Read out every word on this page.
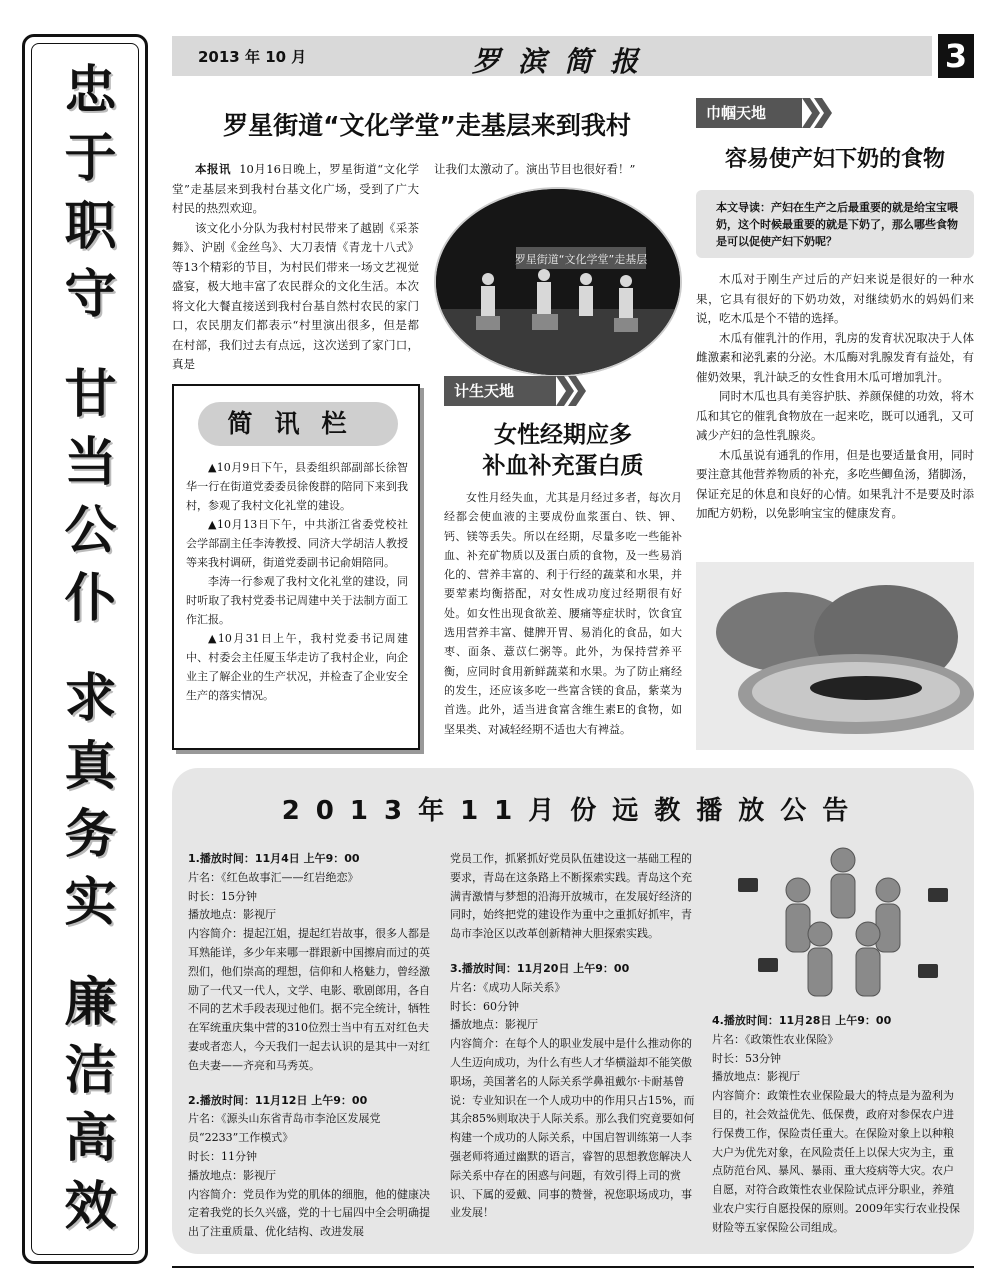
忠于职守
甘当公仆
求真务实
廉洁高效
2013 年 10 月	罗滨简报	3
罗星街道“文化学堂”走基层来到我村

本报讯 10月16日晚上，罗星街道“文化学堂”走基层来到我村台基文化广场，受到了广大村民的热烈欢迎。

该文化小分队为我村村民带来了越剧《采茶舞》、沪剧《金丝鸟》、大刀表情《青龙十八式》等13个精彩的节目，为村民们带来一场文艺视觉盛宴，极大地丰富了农民群众的文化生活。本次将文化大餐直接送到我村台基自然村农民的家门口，农民朋友们都表示“村里演出很多，但是都在村部，我们过去有点远，这次送到了家门口，真是

让我们太激动了。演出节目也很好看！”

罗星街道“文化学堂”走基层
简讯栏

▲10月9日下午，县委组织部副部长徐智华一行在街道党委委员徐俊群的陪同下来到我村，参观了我村文化礼堂的建设。

▲10月13日下午，中共浙江省委党校社会学部副主任李涛教授、同济大学胡洁人教授等来我村调研，街道党委副书记俞娟陪同。

李涛一行参观了我村文化礼堂的建设，同时听取了我村党委书记周建中关于法制方面工作汇报。

▲10月31日上午，我村党委书记周建中、村委会主任厦玉华走访了我村企业，向企业主了解企业的生产状况，并检查了企业安全生产的落实情况。

计生天地
女性经期应多
补血补充蛋白质

女性月经失血，尤其是月经过多者，每次月经都会使血液的主要成份血浆蛋白、铁、钾、钙、镁等丢失。所以在经期，尽量多吃一些能补血、补充矿物质以及蛋白质的食物，及一些易消化的、营养丰富的、利于行经的蔬菜和水果，并要荤素均衡搭配，对女性成功度过经期很有好处。如女性出现食欲差、腰痛等症状时，饮食宜选用营养丰富、健脾开胃、易消化的食品，如大枣、面条、薏苡仁粥等。此外，为保持营养平衡，应同时食用新鲜蔬菜和水果。为了防止痛经的发生，还应该多吃一些富含镁的食品，紫菜为首选。此外，适当进食富含维生素E的食物，如坚果类、对减轻经期不适也大有裨益。

巾帼天地
容易使产妇下奶的食物
本文导读：产妇在生产之后最重要的就是给宝宝喂奶，这个时候最重要的就是下奶了，那么哪些食物是可以促使产妇下奶呢？

木瓜对于刚生产过后的产妇来说是很好的一种水果，它具有很好的下奶功效，对继续奶水的妈妈们来说，吃木瓜是个不错的选择。

木瓜有催乳汁的作用，乳房的发育状况取决于人体雌激素和泌乳素的分泌。木瓜酶对乳腺发育有益处，有催奶效果，乳汁缺乏的女性食用木瓜可增加乳汁。

同时木瓜也具有美容护肤、养颜保健的功效，将木瓜和其它的催乳食物放在一起来吃，既可以通乳，又可减少产妇的急性乳腺炎。

木瓜虽说有通乳的作用，但是也要适量食用，同时要注意其他营养物质的补充，多吃些鲫鱼汤，猪脚汤，保证充足的休息和良好的心情。如果乳汁不是要及时添加配方奶粉，以免影响宝宝的健康发育。

2013年11月份远教播放公告
1.播放时间：11月4日 上午9：00
片名：《红色故事汇——红岩绝恋》
时长：15分钟
播放地点：影视厅
内容简介：提起江姐，提起红岩故事，很多人都是耳熟能详，多少年来哪一群跟新中国擦肩而过的英烈们，他们崇高的理想，信仰和人格魅力，曾经激励了一代又一代人，文学、电影、歌剧郎用，各自不同的艺术手段表现过他们。据不完全统计，牺牲在军统重庆集中营的310位烈士当中有五对红色夫妻或者恋人，今天我们一起去认识的是其中一对红色夫妻——齐亮和马秀英。
2.播放时间：11月12日 上午9：00
片名：《源头山东省青岛市李沧区发展党员“2233”工作模式》
时长：11分钟
播放地点：影视厅
内容简介：党员作为党的肌体的细胞，他的健康决定着我党的长久兴盛，党的十七届四中全会明确提出了注重质量、优化结构、改进发展
党员工作，抓紧抓好党员队伍建设这一基础工程的要求，青岛在这条路上不断探索实践。青岛这个充满青激情与梦想的沿海开放城市，在发展好经济的同时，始终把党的建设作为重中之重抓好抓牢，青岛市李沧区以改革创新精神大胆探索实践。
3.播放时间：11月20日 上午9：00
片名：《成功人际关系》
时长：60分钟
播放地点：影视厅
内容简介：在每个人的职业发展中是什么推动你的人生迈向成功，为什么有些人才华横溢却不能笑傲职场，美国著名的人际关系学鼻祖戴尔·卡耐基曾说：专业知识在一个人成功中的作用只占15%，而其余85%则取决于人际关系。那么我们究竟要如何构建一个成功的人际关系，中国启智训练第一人李强老师将通过幽默的语言，睿智的思想教您解决人际关系中存在的困惑与问题，有效引得上司的赏识、下属的爱戴、同事的赞誉，祝您职场成功，事业发展！
4.播放时间：11月28日 上午9：00
片名：《政策性农业保险》
时长：53分钟
播放地点：影视厅
内容简介：政策性农业保险最大的特点是为盈利为目的，社会效益优先、低保费，政府对参保农户进行保费工作，保险责任重大。在保险对象上以种粮大户为优先对象，在风险责任上以保大灾为主，重点防范台风、暴风、暴雨、重大疫病等大灾。农户自愿，对符合政策性农业保险试点评分职业，养殖业农户实行自愿投保的原则。2009年实行农业投保财险等五家保险公司组成。
